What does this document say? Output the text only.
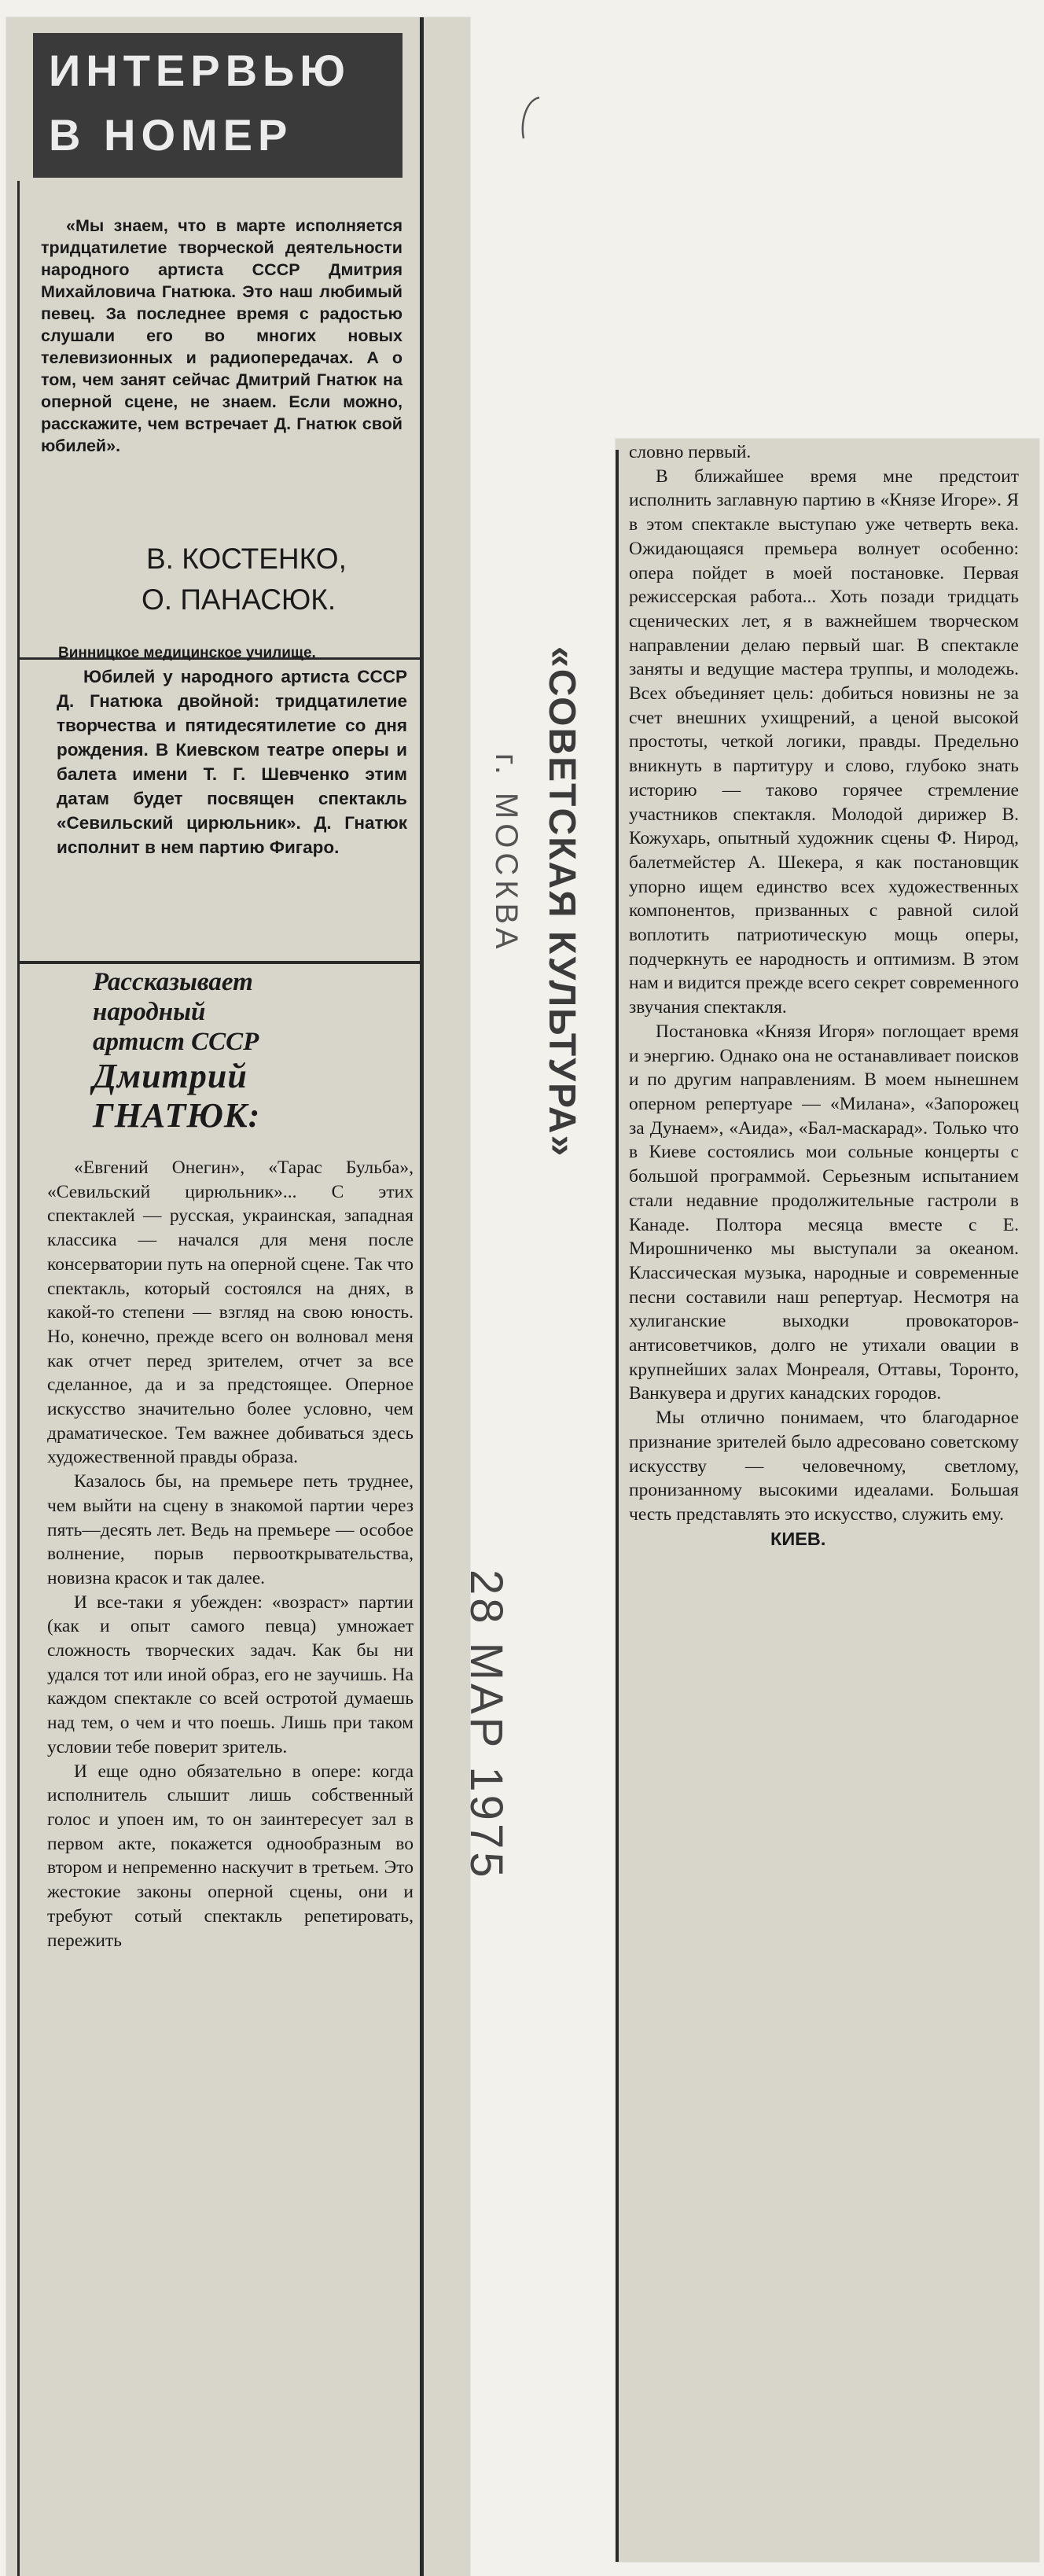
ИНТЕРВЬЮ
В НОМЕР

«Мы знаем, что в марте исполняется тридцатилетие творческой деятельности народного артиста СССР Дмитрия Михайловича Гнатюка. Это наш любимый певец. За последнее время с радостью слушали его во многих новых телевизионных и радиопередачах. А о том, чем занят сейчас Дмитрий Гнатюк на оперной сцене, не знаем. Если можно, расскажите, чем встречает Д. Гнатюк свой юбилей».

В. КОСТЕНКО,
О. ПАНАСЮК.
Винницкое медицинское училище.

Юбилей у народного артиста СССР Д. Гнатюка двойной: тридцатилетие творчества и пятидесятилетие со дня рождения. В Киевском театре оперы и балета имени Т. Г. Шевченко этим датам будет посвящен спектакль «Севильский цирюльник». Д. Гнатюк исполнит в нем партию Фигаро.

Рассказывает
народный
артист СССР
Дмитрий
ГНАТЮК:

«Евгений Онегин», «Тарас Бульба», «Севильский цирюльник»... С этих спектаклей — русская, украинская, западная классика — начался для меня после консерватории путь на оперной сцене. Так что спектакль, который состоялся на днях, в какой-то степени — взгляд на свою юность. Но, конечно, прежде всего он волновал меня как отчет перед зрителем, отчет за все сделанное, да и за предстоящее. Оперное искусство значительно более условно, чем драматическое. Тем важнее добиваться здесь художественной правды образа.

Казалось бы, на премьере петь труднее, чем выйти на сцену в знакомой партии через пять—десять лет. Ведь на премьере — особое волнение, порыв первооткрывательства, новизна красок и так далее.

И все-таки я убежден: «возраст» партии (как и опыт самого певца) умножает сложность творческих задач. Как бы ни удался тот или иной образ, его не заучишь. На каждом спектакле со всей остротой думаешь над тем, о чем и что поешь. Лишь при таком условии тебе поверит зритель.

И еще одно обязательно в опере: когда исполнитель слышит лишь собственный голос и упоен им, то он заинтересует зал в первом акте, покажется однообразным во втором и непременно наскучит в третьем. Это жестокие законы оперной сцены, они и требуют сотый спектакль репетировать, пережить

словно первый.

В ближайшее время мне предстоит исполнить заглавную партию в «Князе Игоре». Я в этом спектакле выступаю уже четверть века. Ожидающаяся премьера волнует особенно: опера пойдет в моей постановке. Первая режиссерская работа... Хоть позади тридцать сценических лет, я в важнейшем творческом направлении делаю первый шаг. В спектакле заняты и ведущие мастера труппы, и молодежь. Всех объединяет цель: добиться новизны не за счет внешних ухищрений, а ценой высокой простоты, четкой логики, правды. Предельно вникнуть в партитуру и слово, глубоко знать историю — таково горячее стремление участников спектакля. Молодой дирижер В. Кожухарь, опытный художник сцены Ф. Нирод, балетмейстер А. Шекера, я как постановщик упорно ищем единство всех художественных компонентов, призванных с равной силой воплотить патриотическую мощь оперы, подчеркнуть ее народность и оптимизм. В этом нам и видится прежде всего секрет современного звучания спектакля.

Постановка «Князя Игоря» поглощает время и энергию. Однако она не останавливает поисков и по другим направлениям. В моем нынешнем оперном репертуаре — «Милана», «Запорожец за Дунаем», «Аида», «Бал-маскарад». Только что в Киеве состоялись мои сольные концерты с большой программой. Серьезным испытанием стали недавние продолжительные гастроли в Канаде. Полтора месяца вместе с Е. Мирошниченко мы выступали за океаном. Классическая музыка, народные и современные песни составили наш репертуар. Несмотря на хулиганские выходки провокаторов-антисоветчиков, долго не утихали овации в крупнейших залах Монреаля, Оттавы, Торонто, Ванкувера и других канадских городов.

Мы отлично понимаем, что благодарное признание зрителей было адресовано советскому искусству — человечному, светлому, пронизанному высокими идеалами. Большая честь представлять это искусство, служить ему.

КИЕВ.

«СОВЕТСКАЯ КУЛЬТУРА»
г. МОСКВА
28 МАР 1975
